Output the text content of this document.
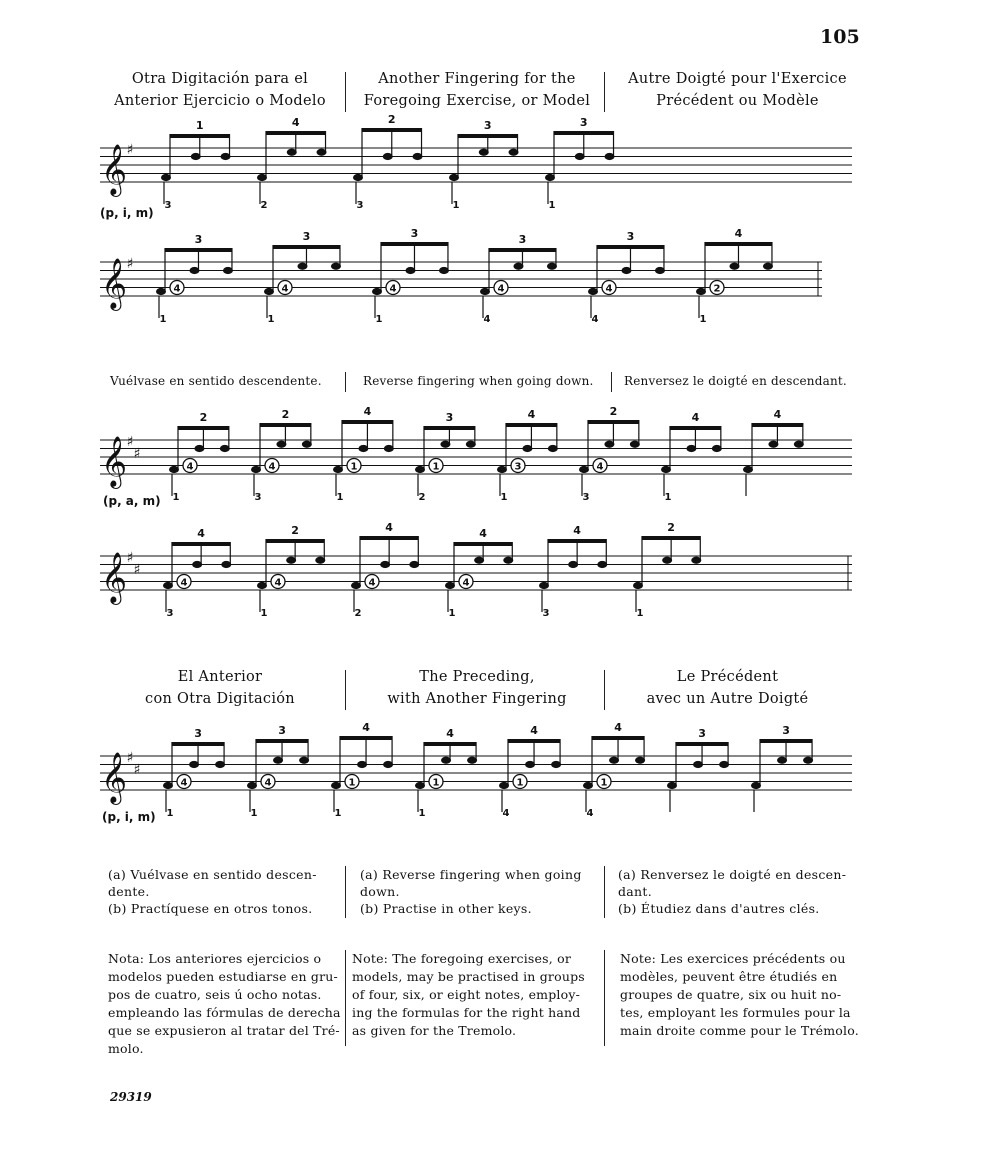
105
Otra Digitación para el
Anterior Ejercicio o Modelo
Another Fingering for the
Foregoing Exercise, or Model
Autre Doigté pour l'Exercice
Précédent ou Modèle
(p, i, m)
Vuélvase en sentido descendente.	Reverse fingering when going down.	Renversez le doigté en descendant.
(p, a, m)
El Anterior
con Otra Digitación
The Preceding,
with Another Fingering
Le Précédent
avec un Autre Doigté
(p, i, m)
(a) Vuélvase en sentido descen-
dente.
(b) Practíquese en otros tonos.
(a) Reverse fingering when going
down.
(b) Practise in other keys.
(a) Renversez le doigté en descen-
dant.
(b) Étudiez dans d'autres clés.
Nota: Los anteriores ejercicios o
modelos pueden estudiarse en gru-
pos de cuatro, seis ú ocho notas.
empleando las fórmulas de derecha
que se expusieron al tratar del Tré-
molo.
Note: The foregoing exercises, or
models, may be practised in groups
of four, six, or eight notes, employ-
ing the formulas for the right hand
as given for the Tremolo.
Note: Les exercices précédents ou
modèles, peuvent être étudiés en
groupes de quatre, six ou huit no-
tes, employant les formules pour la
main droite comme pour le Trémolo.
29319
𝄞 ♯
1
3
4
2
2
3
3
1
3
1
𝄞 ♯
3
1
4
3
1
4
3
1
4
3
4
4
3
4
4
4
1
2
𝄞 ♯
♯
2
1
4
2
3
4
4
1
1
3
2
1
4
1
3
2
3
4
4
1
4
𝄞 ♯
♯
4
3
4
2
1
4
4
2
4
4
1
4
4
3
2
1
𝄞 ♯
♯
3
1
4
3
1
4
4
1
1
4
1
1
4
4
1
4
4
1
3	3
